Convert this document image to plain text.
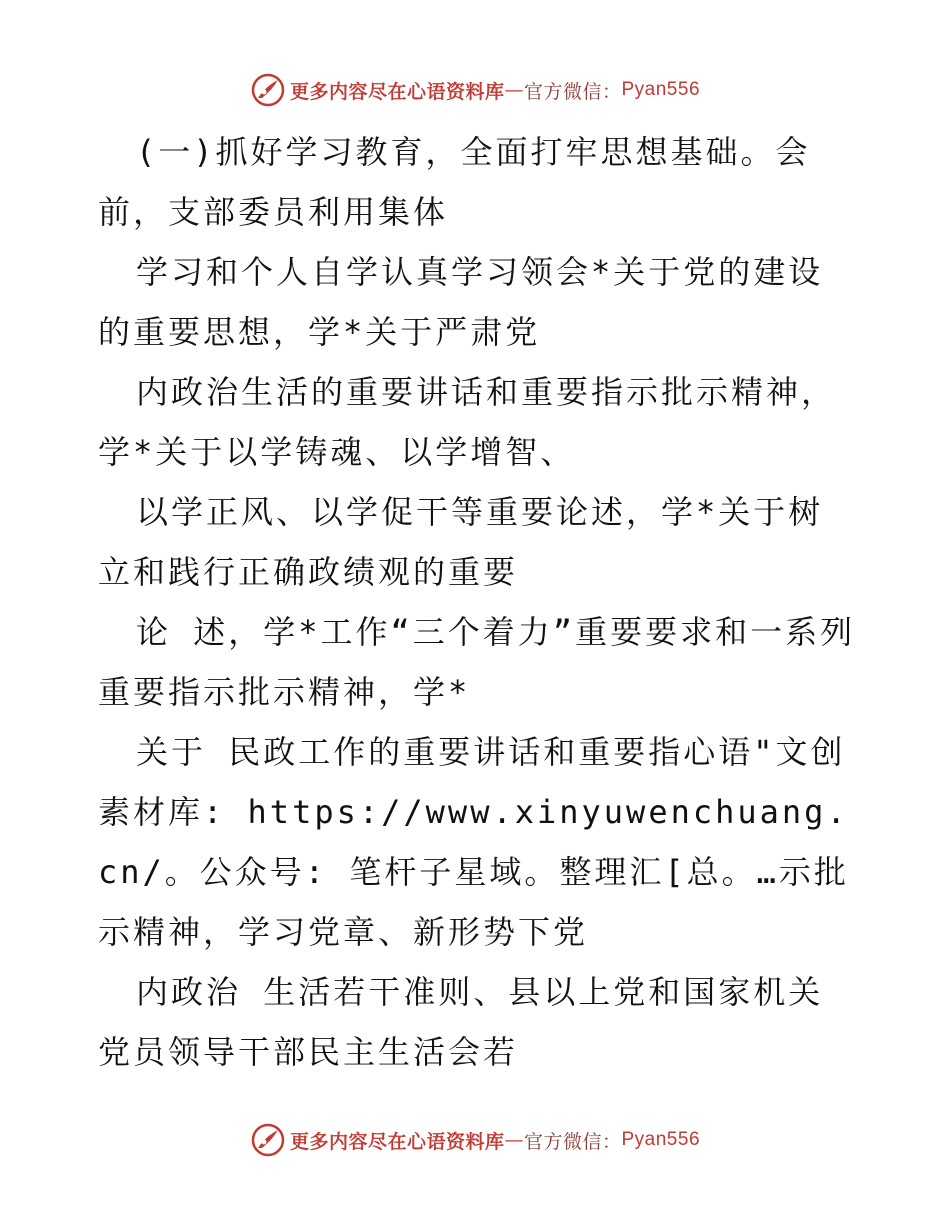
更多内容尽在心语资料库 — 官方微信： Pyan556

(一)抓好学习教育，全面打牢思想基础。会前，支部委员利用集体

学习和个人自学认真学习领会*关于党的建设的重要思想，学*关于严肃党

内政治生活的重要讲话和重要指示批示精神，学*关于以学铸魂、以学增智、

以学正风、以学促干等重要论述，学*关于树立和践行正确政绩观的重要

论 述，学*工作“三个着力”重要要求和一系列重要指示批示精神，学*

关于 民政工作的重要讲话和重要指心语"文创素材库: https://www.xinyuwenchuang.cn/。公众号: 笔杆子星域。整理汇[总。…示批示精神，学习党章、新形势下党

内政治 生活若干准则、县以上党和国家机关党员领导干部民主生活会若

更多内容尽在心语资料库 — 官方微信： Pyan556
